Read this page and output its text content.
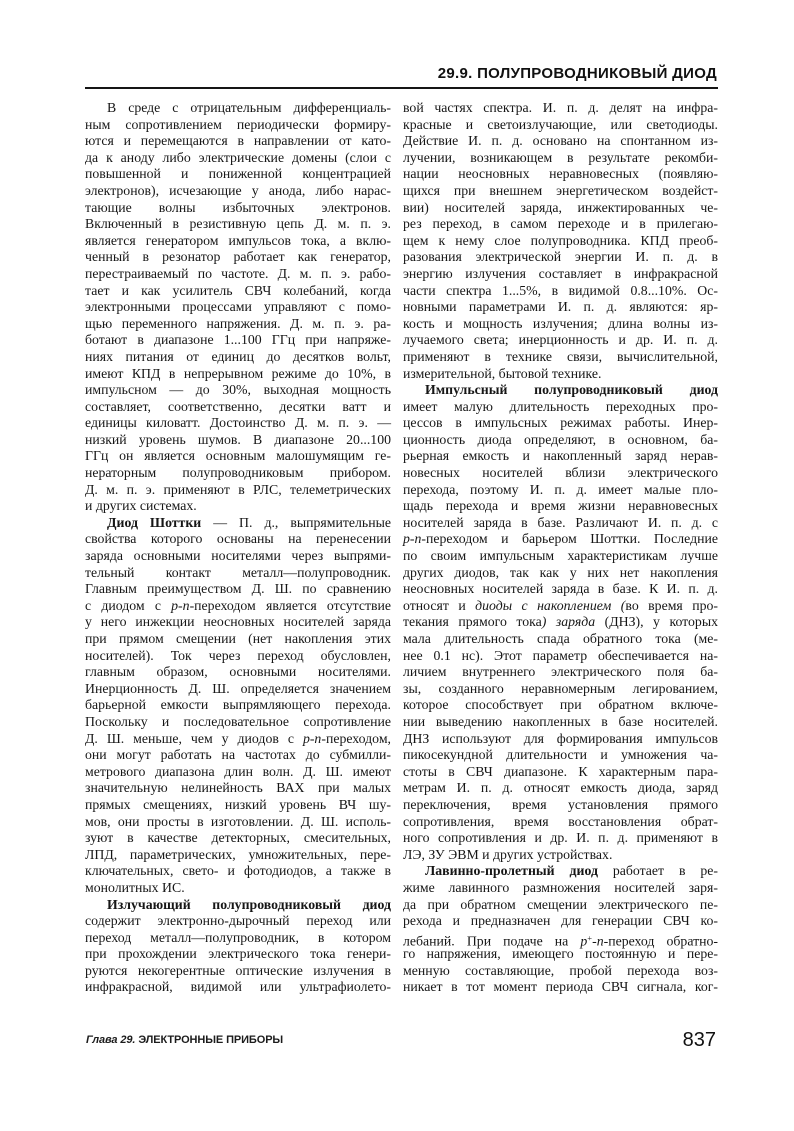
29.9. ПОЛУПРОВОДНИКОВЫЙ ДИОД
В среде с отрицательным дифференциаль-
ным сопротивлением периодически формиру-
ются и перемещаются в направлении от като-
да к аноду либо электрические домены (слои с
повышенной и пониженной концентрацией
электронов), исчезающие у анода, либо нарас-
тающие волны избыточных электронов.
Включенный в резистивную цепь Д. м. п. э.
является генератором импульсов тока, а вклю-
ченный в резонатор работает как генератор,
перестраиваемый по частоте. Д. м. п. э. рабо-
тает и как усилитель СВЧ колебаний, когда
электронными процессами управляют с помо-
щью переменного напряжения. Д. м. п. э. ра-
ботают в диапазоне 1...100 ГГц при напряже-
ниях питания от единиц до десятков вольт,
имеют КПД в непрерывном режиме до 10%, в
импульсном — до 30%, выходная мощность
составляет, соответственно, десятки ватт и
единицы киловатт. Достоинство Д. м. п. э. —
низкий уровень шумов. В диапазоне 20...100
ГГц он является основным малошумящим ге-
нераторным полупроводниковым прибором.
Д. м. п. э. применяют в РЛС, телеметрических
и других системах.
Диод Шоттки — П. д., выпрямительные
свойства которого основаны на перенесении
заряда основными носителями через выпрями-
тельный контакт металл—полупроводник.
Главным преимуществом Д. Ш. по сравнению
с диодом с p-n-переходом является отсутствие
у него инжекции неосновных носителей заряда
при прямом смещении (нет накопления этих
носителей). Ток через переход обусловлен,
главным образом, основными носителями.
Инерционность Д. Ш. определяется значением
барьерной емкости выпрямляющего перехода.
Поскольку и последовательное сопротивление
Д. Ш. меньше, чем у диодов с p-n-переходом,
они могут работать на частотах до субмилли-
метрового диапазона длин волн. Д. Ш. имеют
значительную нелинейность ВАХ при малых
прямых смещениях, низкий уровень ВЧ шу-
мов, они просты в изготовлении. Д. Ш. исполь-
зуют в качестве детекторных, смесительных,
ЛПД, параметрических, умножительных, пере-
ключательных, свето- и фотодиодов, а также в
монолитных ИС.
Излучающий полупроводниковый диод
содержит электронно-дырочный переход или
переход металл—полупроводник, в котором
при прохождении электрического тока генери-
руются некогерентные оптические излучения в
инфракрасной, видимой или ультрафиолето-
вой частях спектра. И. п. д. делят на инфра-
красные и светоизлучающие, или светодиоды.
Действие И. п. д. основано на спонтанном из-
лучении, возникающем в результате рекомби-
нации неосновных неравновесных (появляю-
щихся при внешнем энергетическом воздейст-
вии) носителей заряда, инжектированных че-
рез переход, в самом переходе и в прилегаю-
щем к нему слое полупроводника. КПД преоб-
разования электрической энергии И. п. д. в
энергию излучения составляет в инфракрасной
части спектра 1...5%, в видимой 0.8...10%. Ос-
новными параметрами И. п. д. являются: яр-
кость и мощность излучения; длина волны из-
лучаемого света; инерционность и др. И. п. д.
применяют в технике связи, вычислительной,
измерительной, бытовой технике.
Импульсный полупроводниковый диод
имеет малую длительность переходных про-
цессов в импульсных режимах работы. Инер-
ционность диода определяют, в основном, ба-
рьерная емкость и накопленный заряд нерав-
новесных носителей вблизи электрического
перехода, поэтому И. п. д. имеет малые пло-
щадь перехода и время жизни неравновесных
носителей заряда в базе. Различают И. п. д. с
p-n-переходом и барьером Шоттки. Последние
по своим импульсным характеристикам лучше
других диодов, так как у них нет накопления
неосновных носителей заряда в базе. К И. п. д.
относят и диоды с накоплением (во время про-
текания прямого тока) заряда (ДНЗ), у которых
мала длительность спада обратного тока (ме-
нее 0.1 нс). Этот параметр обеспечивается на-
личием внутреннего электрического поля ба-
зы, созданного неравномерным легированием,
которое способствует при обратном включе-
нии выведению накопленных в базе носителей.
ДНЗ используют для формирования импульсов
пикосекундной длительности и умножения ча-
стоты в СВЧ диапазоне. К характерным пара-
метрам И. п. д. относят емкость диода, заряд
переключения, время установления прямого
сопротивления, время восстановления обрат-
ного сопротивления и др. И. п. д. применяют в
ЛЭ, ЗУ ЭВМ и других устройствах.
Лавинно-пролетный диод работает в ре-
жиме лавинного размножения носителей заря-
да при обратном смещении электрического пе-
рехода и предназначен для генерации СВЧ ко-
лебаний. При подаче на p+-n-переход обратно-
го напряжения, имеющего постоянную и пере-
менную составляющие, пробой перехода воз-
никает в тот момент периода СВЧ сигнала, ког-
Глава 29. ЭЛЕКТРОННЫЕ ПРИБОРЫ	837
